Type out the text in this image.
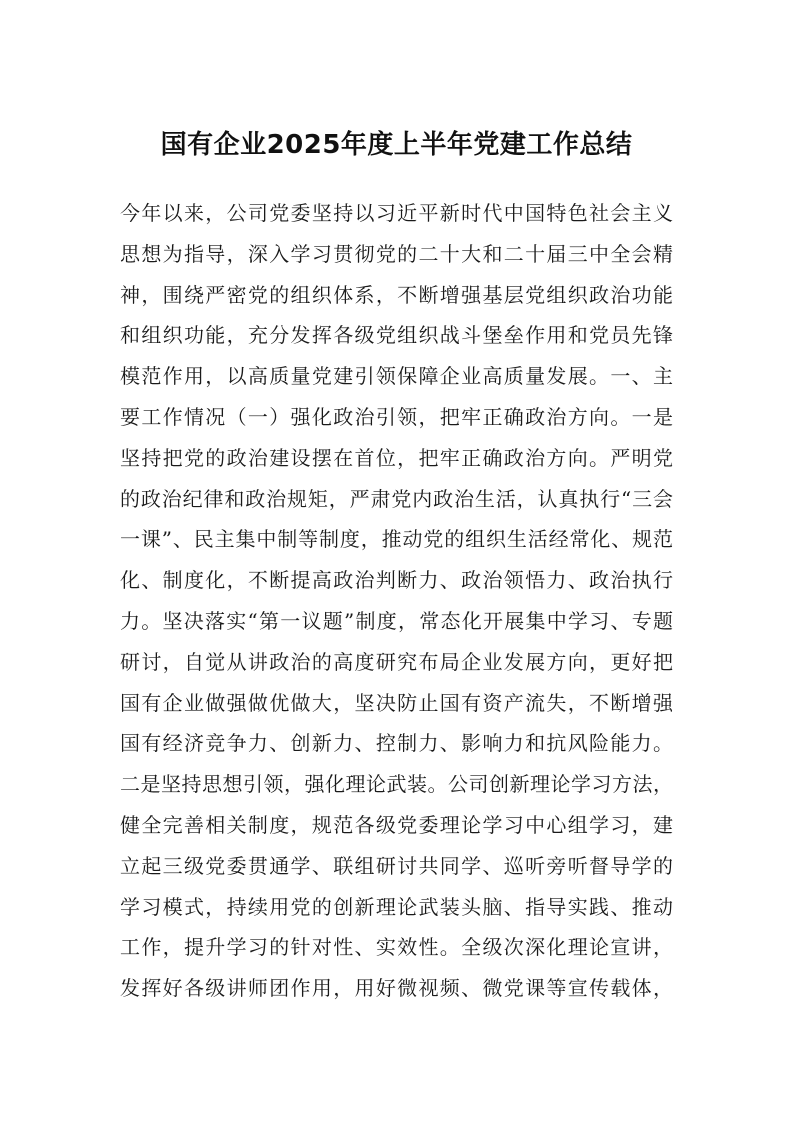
国有企业2025年度上半年党建工作总结
今年以来，公司党委坚持以习近平新时代中国特色社会主义
思想为指导，深入学习贯彻党的二十大和二十届三中全会精
神，围绕严密党的组织体系，不断增强基层党组织政治功能
和组织功能，充分发挥各级党组织战斗堡垒作用和党员先锋
模范作用，以高质量党建引领保障企业高质量发展。一、主
要工作情况（一）强化政治引领，把牢正确政治方向。一是
坚持把党的政治建设摆在首位，把牢正确政治方向。严明党
的政治纪律和政治规矩，严肃党内政治生活，认真执行“三会
一课”、民主集中制等制度，推动党的组织生活经常化、规范
化、制度化，不断提高政治判断力、政治领悟力、政治执行
力。坚决落实“第一议题”制度，常态化开展集中学习、专题
研讨，自觉从讲政治的高度研究布局企业发展方向，更好把
国有企业做强做优做大，坚决防止国有资产流失，不断增强
国有经济竞争力、创新力、控制力、影响力和抗风险能力。
二是坚持思想引领，强化理论武装。公司创新理论学习方法，
健全完善相关制度，规范各级党委理论学习中心组学习，建
立起三级党委贯通学、联组研讨共同学、巡听旁听督导学的
学习模式，持续用党的创新理论武装头脑、指导实践、推动
工作，提升学习的针对性、实效性。全级次深化理论宣讲，
发挥好各级讲师团作用，用好微视频、微党课等宣传载体，
